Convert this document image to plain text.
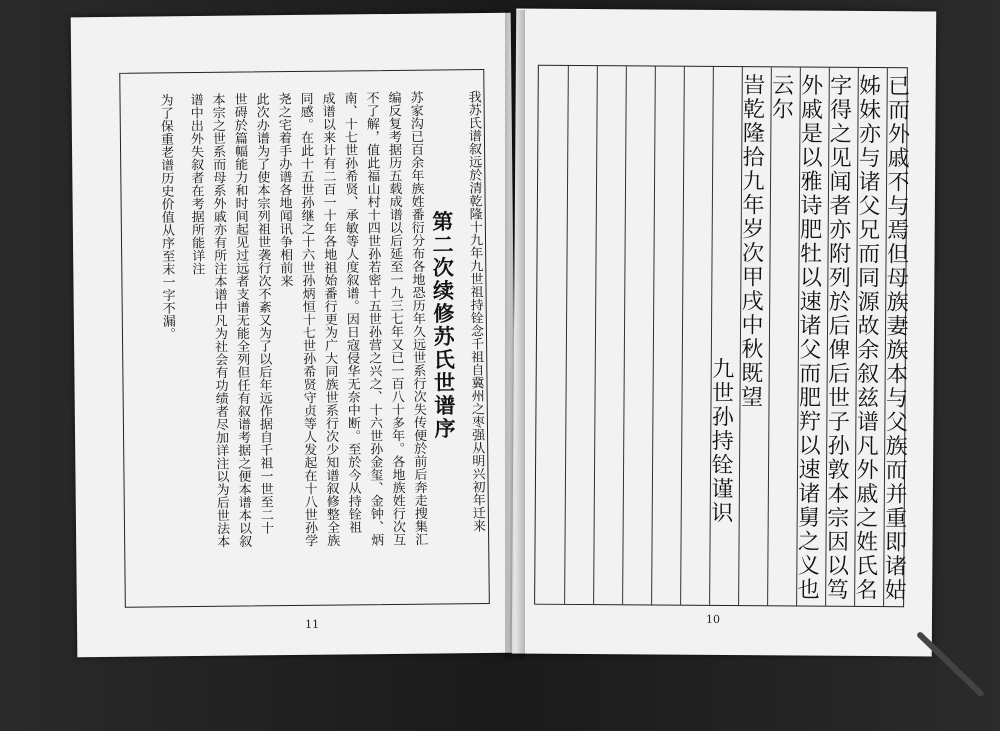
第二次续修苏氏世谱序 我苏氏谱叙远於清乾隆十九年九世祖持铨念千祖自冀州之枣强从明兴初年迁来
苏家沟已百余年族姓番衍分布各地恐历年久远世系行次失传便於前后奔走搜集汇
编反复考据历五载成谱以后延至一九三七年又已一百八十多年。各地族姓行次互
不了解，值此福山村十四世孙若密十五世孙营之兴之、十六世孙金玺、金钟、炳
南、十七世孙希贤、承敏等人度叙谱。因日寇侵华无奈中断。至於今从持铨祖
成谱以来计有二百一十年各地祖始番行更为广大同族世系行次少知谱叙修整全族
同感。在此十五世孙继之十六世孙炳恒十七世孙希贤守贞等人发起在十八世孙学
尧之宅着手办谱各地闻讯争相前来
此次办谱为了使本宗列祖世袭行次不紊又为了以后年远作据自千祖一世至二十
世碍於篇幅能力和时间起见过远者支谱无能全列但任有叙谱考据之便本谱本以叙
本宗之世系而母系外戚亦有所注本谱中凡为社会有功绩者尽加详注以为后世法本
谱中出外失叙者在考据所能详注
为了保重老谱历史价值从序至末一字不漏。
11
已而外戚不与焉但母族妻族本与父族而并重即诸姑
姊妹亦与诸父兄而同源故余叙兹谱凡外戚之姓氏名
字得之见闻者亦附列於后俾后世子孙敦本宗因以笃
外戚是以雅诗肥牡以速诸父而肥羜以速诸舅之义也
云尔
旹乾隆拾九年岁次甲戌中秋既望
九世孙持铨谨识
10
